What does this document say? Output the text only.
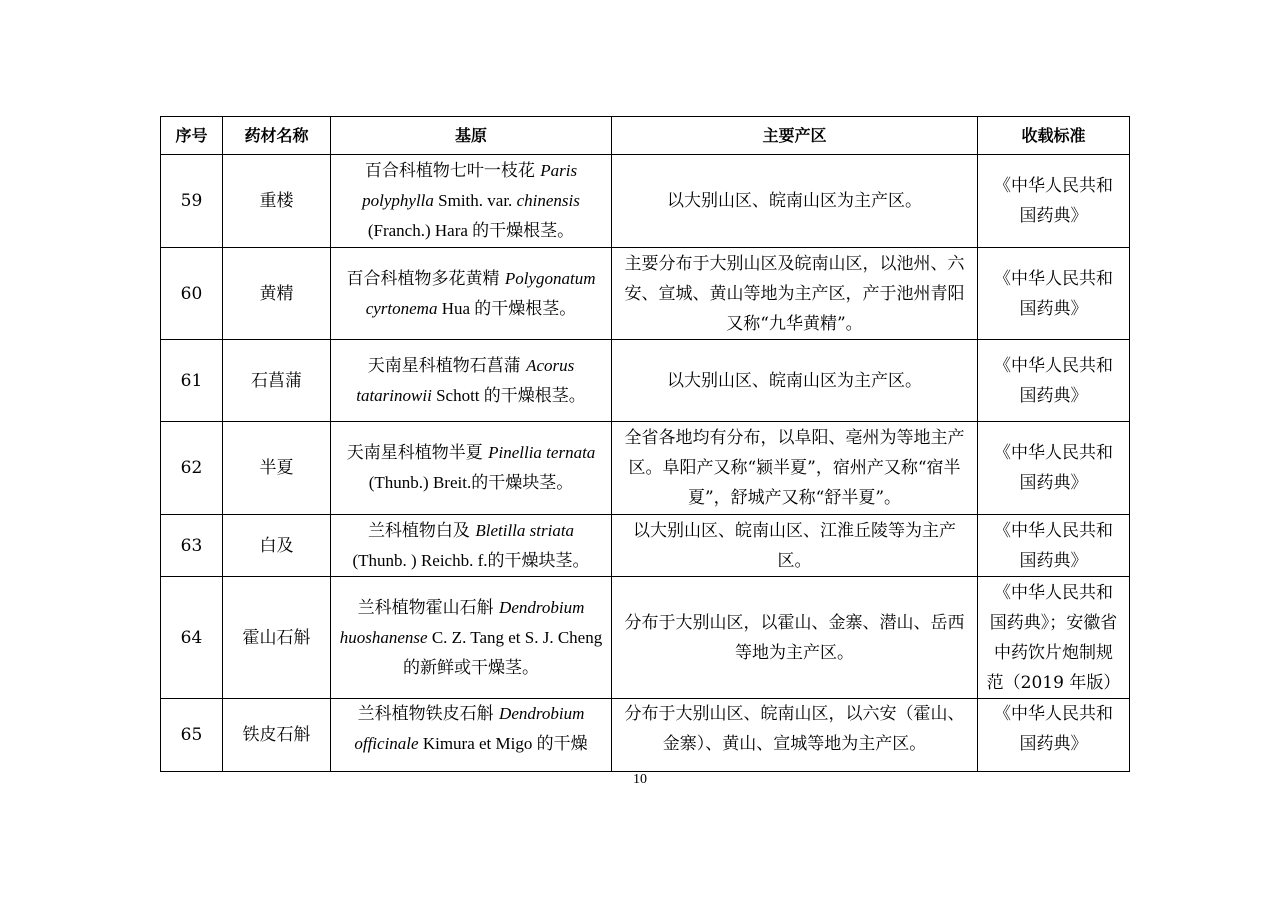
序号	药材名称	基原	主要产区	收载标准
59	重楼	百合科植物七叶一枝花 Paris polyphylla Smith. var. chinensis (Franch.) Hara 的干燥根茎。	以大别山区、皖南山区为主产区。	《中华人民共和国药典》
60	黄精	百合科植物多花黄精 Polygonatum cyrtonema Hua 的干燥根茎。	主要分布于大别山区及皖南山区，以池州、六安、宣城、黄山等地为主产区，产于池州青阳又称“九华黄精”。	《中华人民共和国药典》
61	石菖蒲	天南星科植物石菖蒲 Acorus tatarinowii Schott 的干燥根茎。	以大别山区、皖南山区为主产区。	《中华人民共和国药典》
62	半夏	天南星科植物半夏 Pinellia ternata (Thunb.) Breit.的干燥块茎。	全省各地均有分布，以阜阳、亳州为等地主产区。阜阳产又称“颍半夏”，宿州产又称“宿半夏”，舒城产又称“舒半夏”。	《中华人民共和国药典》
63	白及	兰科植物白及 Bletilla striata (Thunb. ) Reichb. f.的干燥块茎。	以大别山区、皖南山区、江淮丘陵等为主产区。	《中华人民共和国药典》
64	霍山石斛	兰科植物霍山石斛 Dendrobium huoshanense C. Z. Tang et S. J. Cheng 的新鲜或干燥茎。	分布于大别山区，以霍山、金寨、潜山、岳西等地为主产区。	《中华人民共和国药典》；安徽省中药饮片炮制规范（2019 年版）
65	铁皮石斛	兰科植物铁皮石斛 Dendrobium officinale Kimura et Migo 的干燥	分布于大别山区、皖南山区，以六安（霍山、金寨）、黄山、宣城等地为主产区。	《中华人民共和国药典》
10
